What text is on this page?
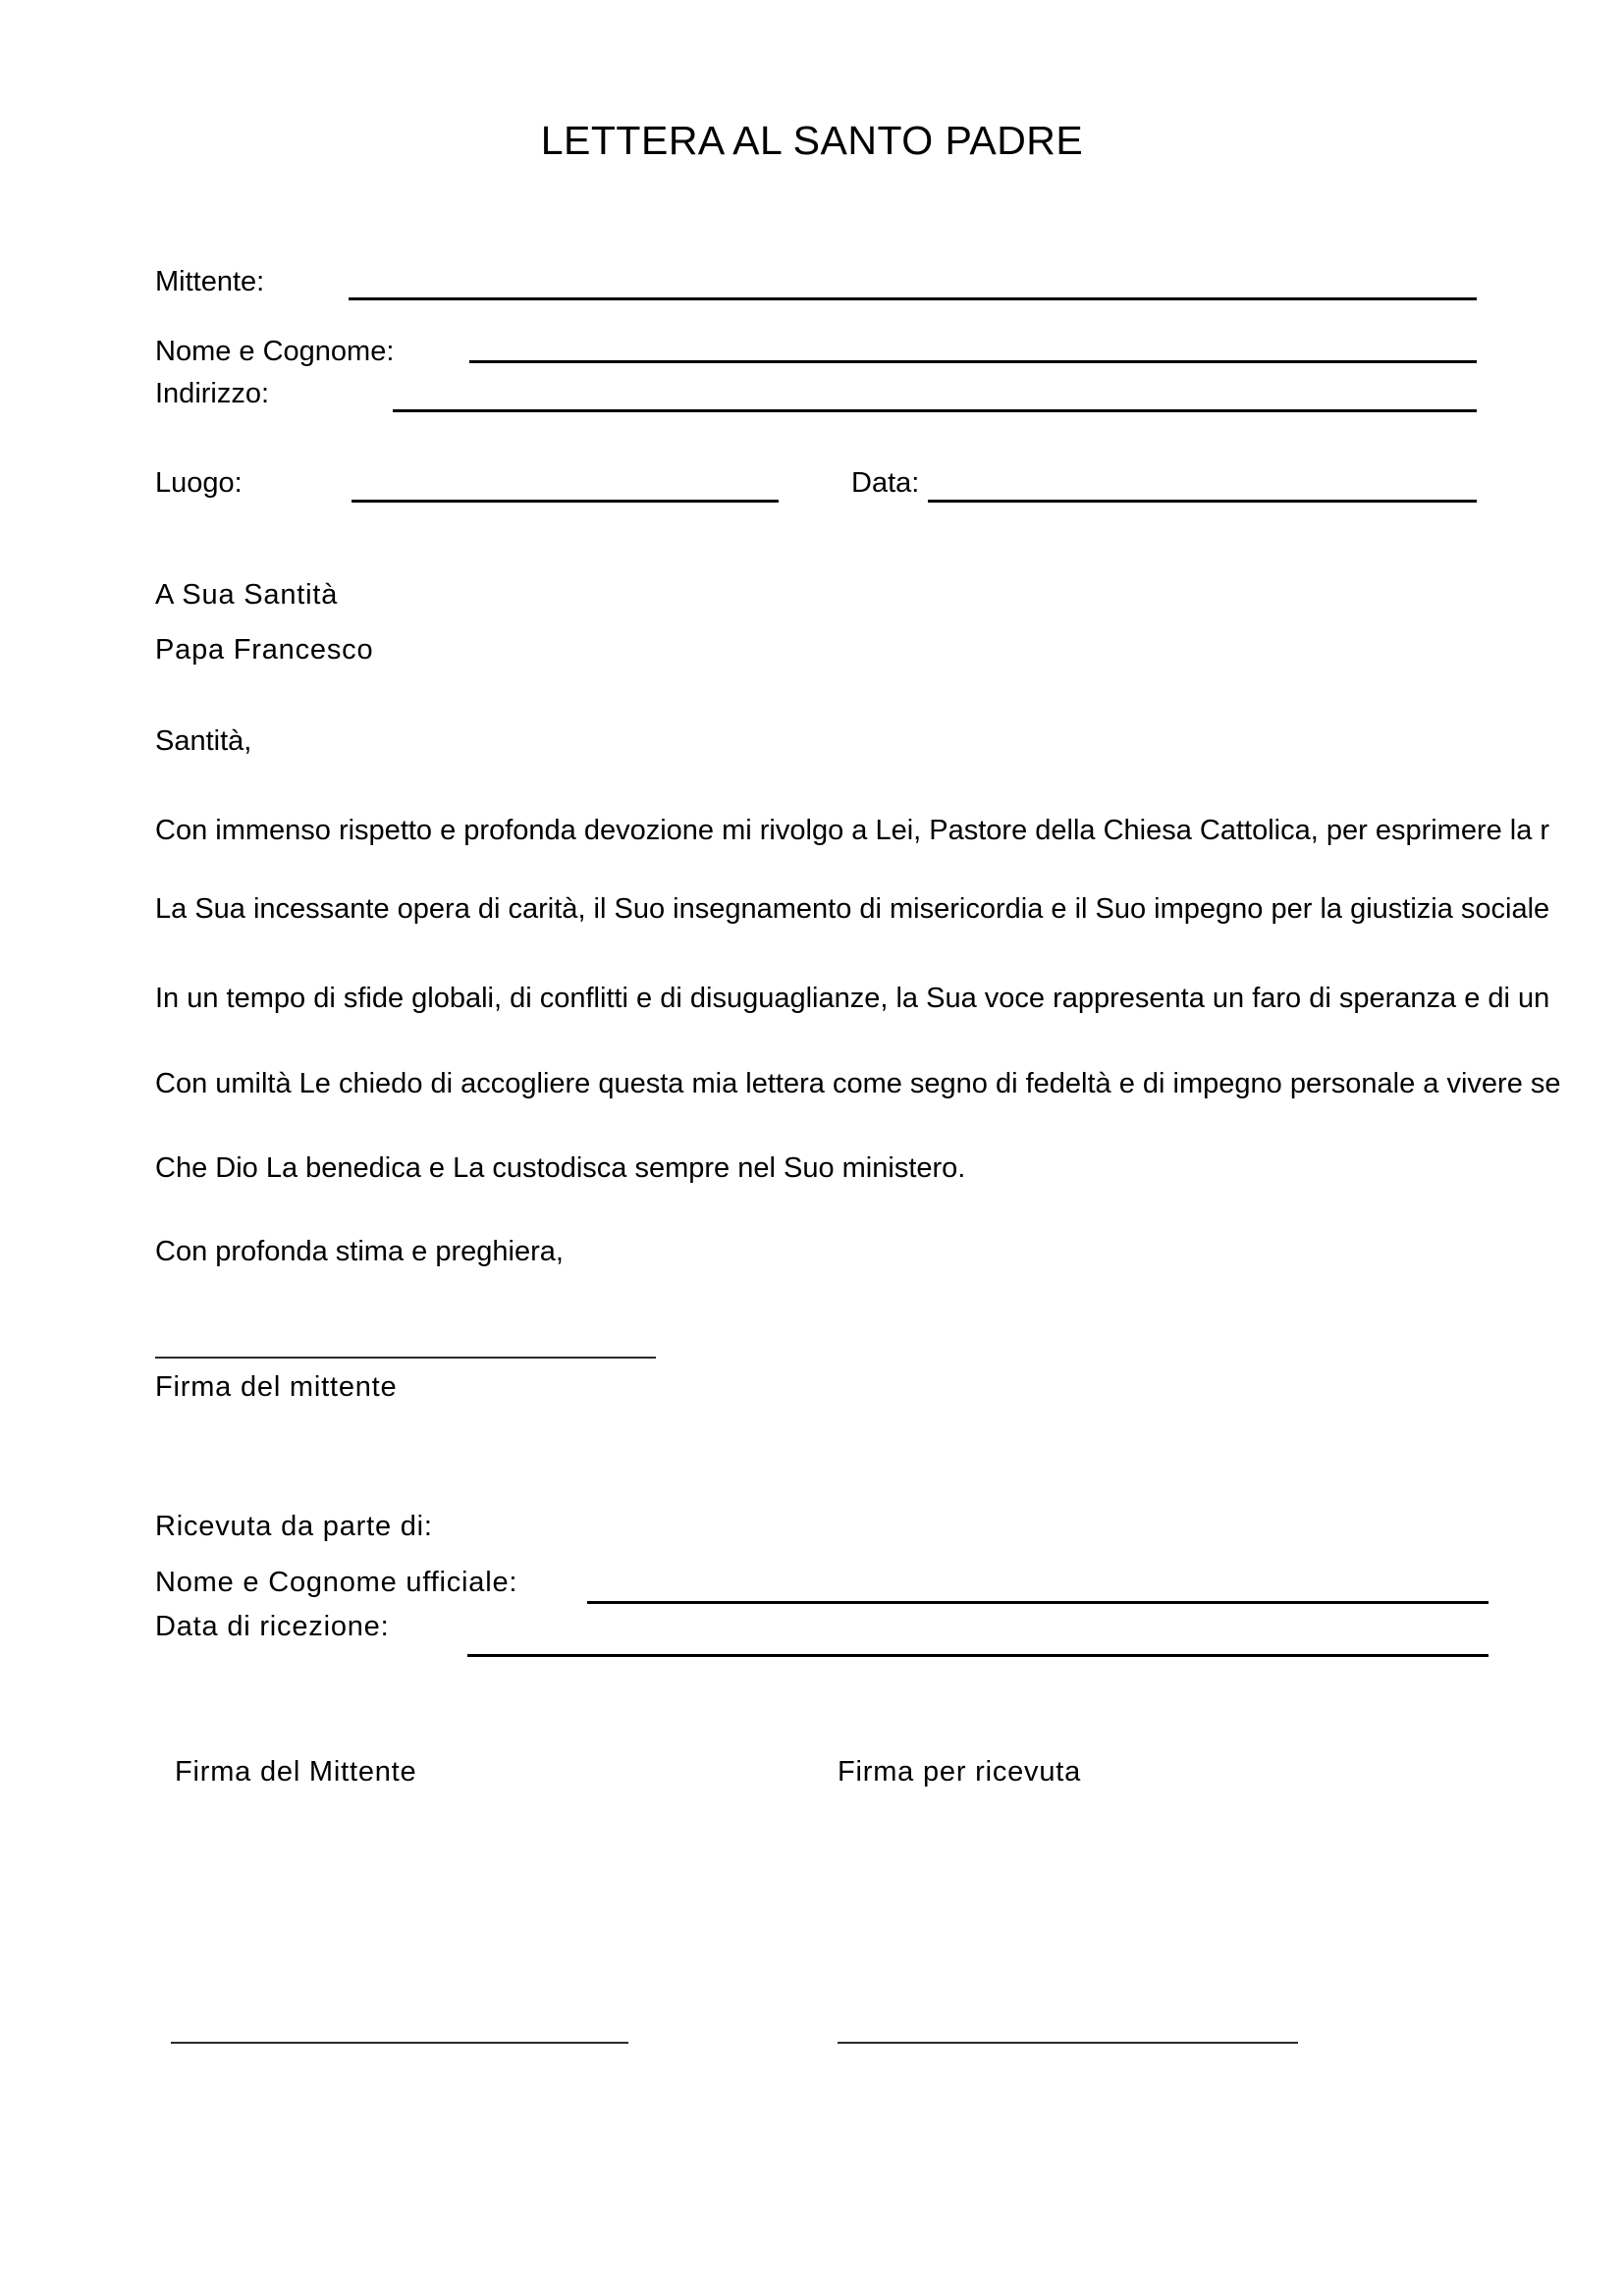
LETTERA AL SANTO PADRE
Mittente:
Nome e Cognome:
Indirizzo:
Luogo:	Data:
A Sua Santità
Papa Francesco
Santità,
Con immenso rispetto e profonda devozione mi rivolgo a Lei, Pastore della Chiesa Cattolica, per esprimere la r
La Sua incessante opera di carità, il Suo insegnamento di misericordia e il Suo impegno per la giustizia sociale
In un tempo di sfide globali, di conflitti e di disuguaglianze, la Sua voce rappresenta un faro di speranza e di un
Con umiltà Le chiedo di accogliere questa mia lettera come segno di fedeltà e di impegno personale a vivere se
Che Dio La benedica e La custodisca sempre nel Suo ministero.
Con profonda stima e preghiera,
Firma del mittente
Ricevuta da parte di:
Nome e Cognome ufficiale:
Data di ricezione:
Firma del Mittente	Firma per ricevuta
